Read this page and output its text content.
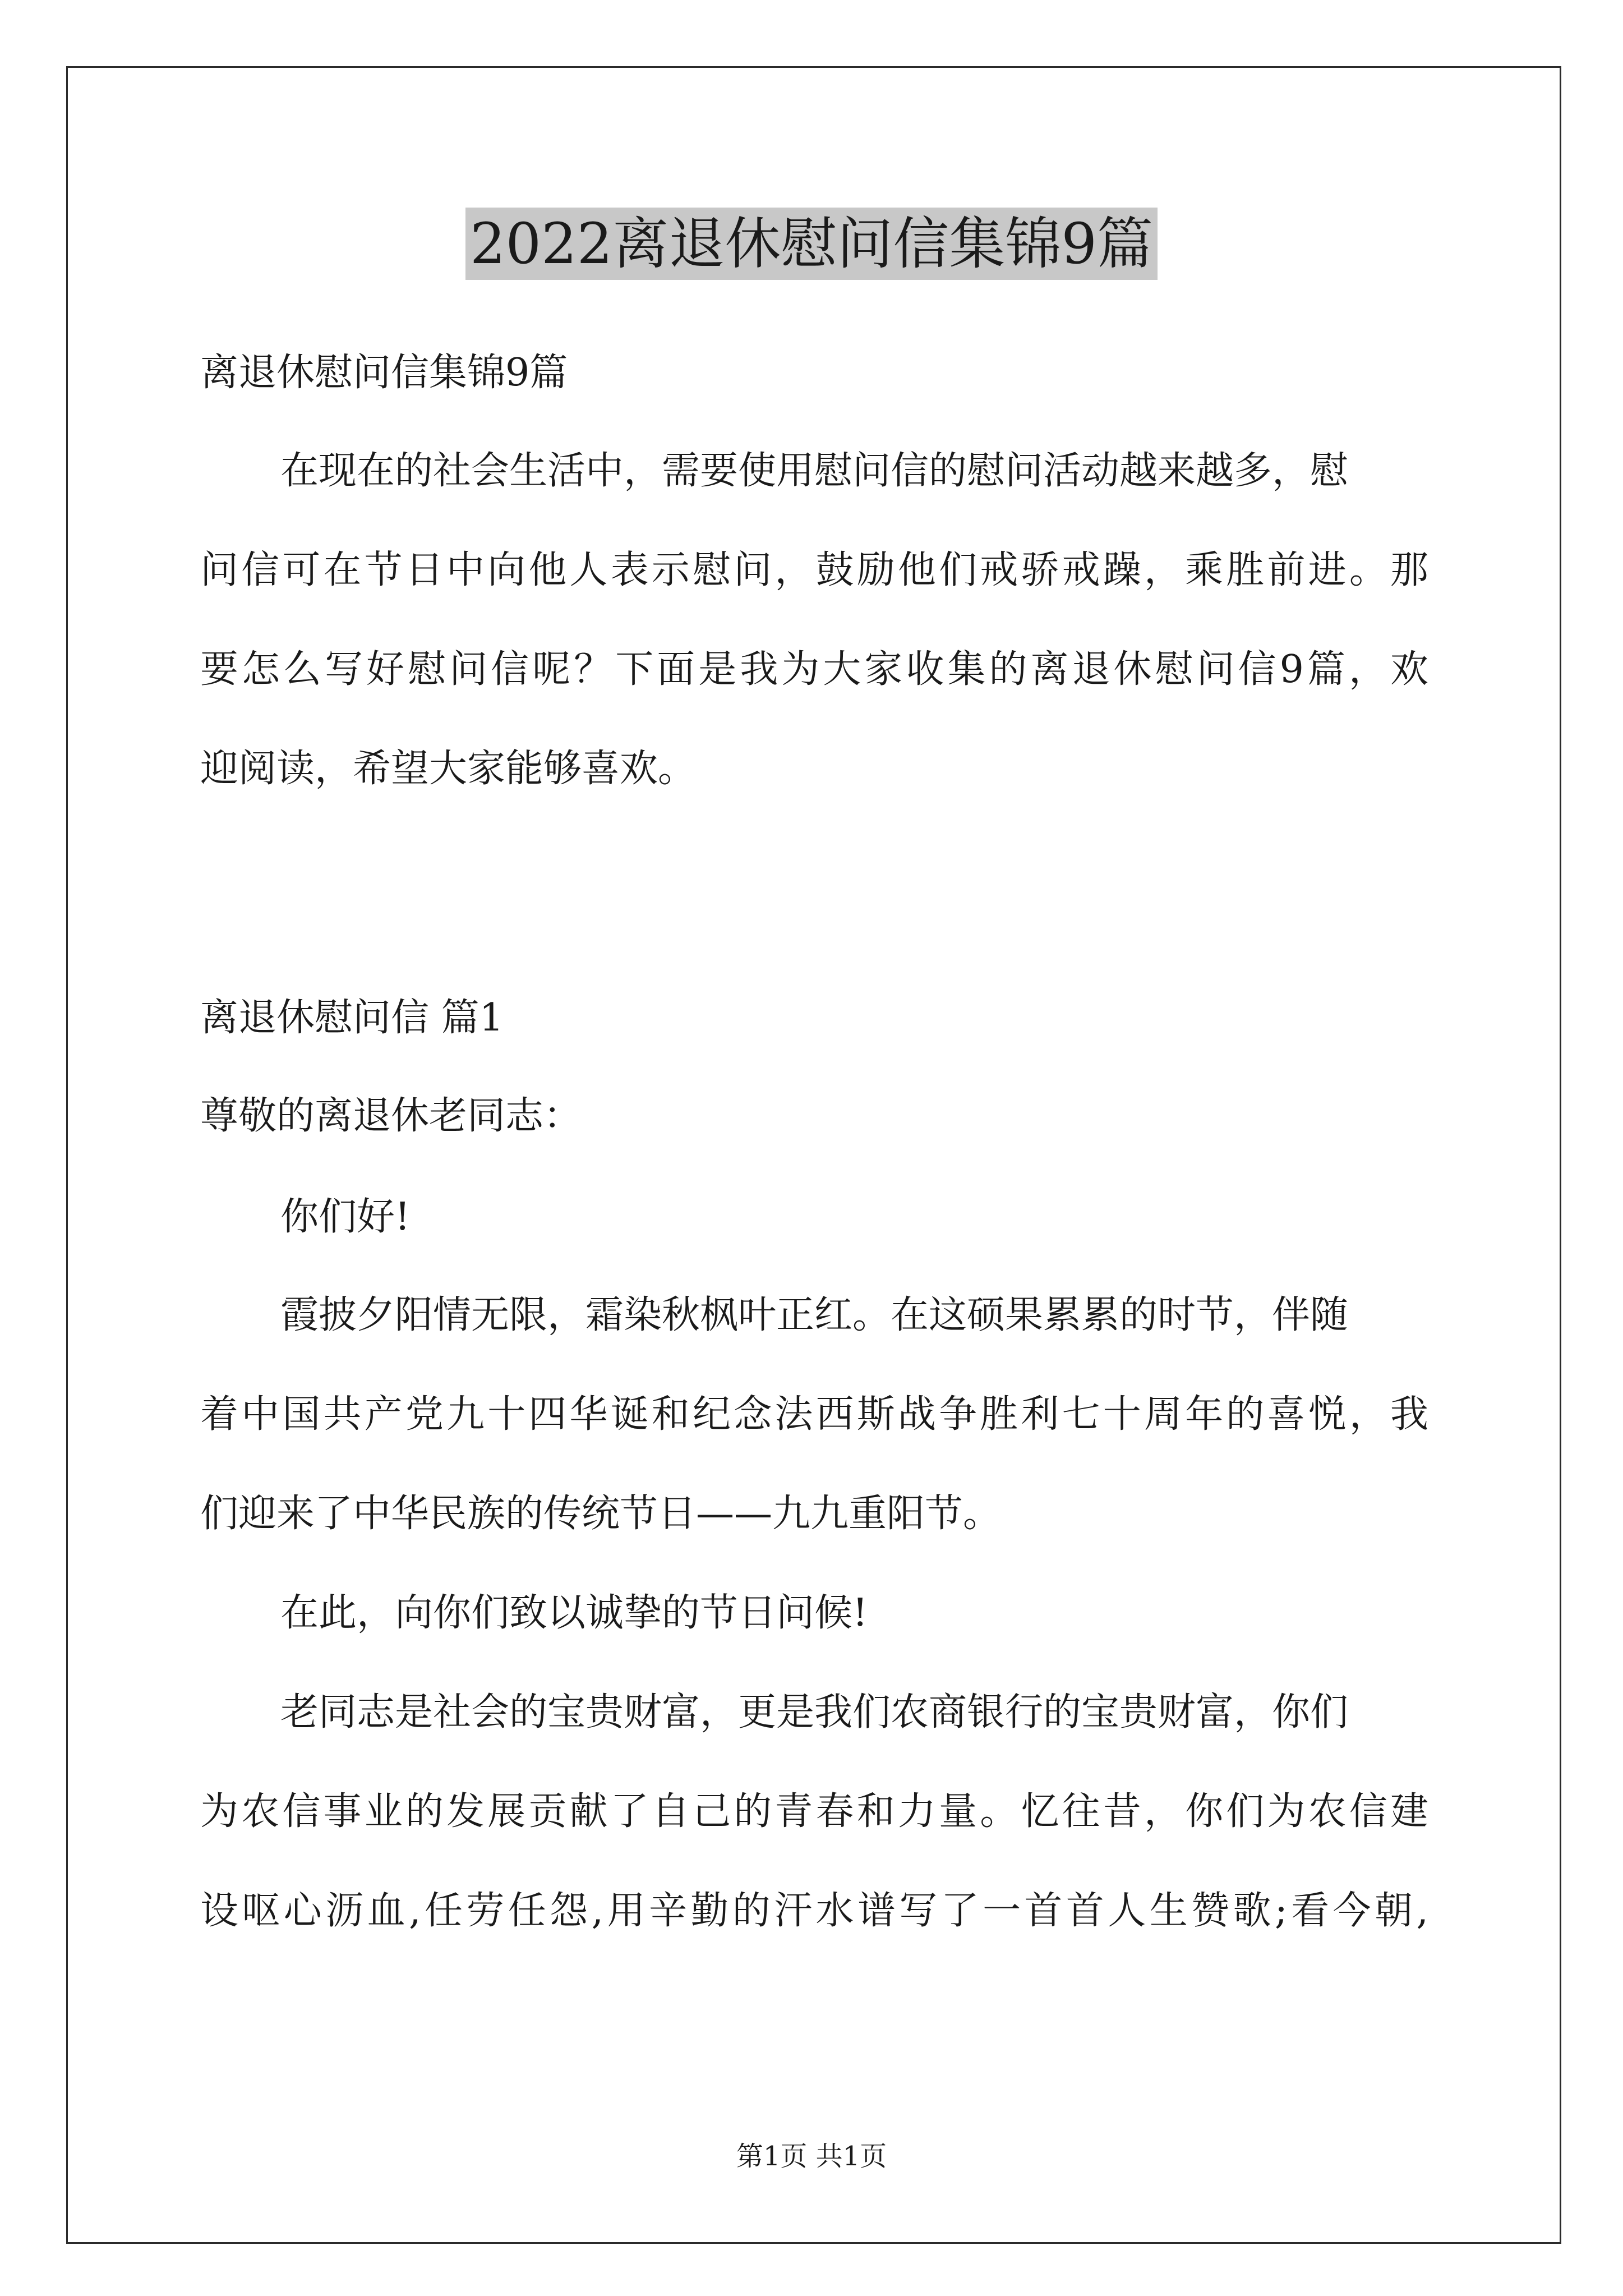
2022离退休慰问信集锦9篇

离退休慰问信集锦9篇

在现在的社会生活中，需要使用慰问信的慰问活动越来越多，慰

问信可在节日中向他人表示慰问，鼓励他们戒骄戒躁，乘胜前进。那

要怎么写好慰问信呢？下面是我为大家收集的离退休慰问信9篇，欢

迎阅读，希望大家能够喜欢。

离退休慰问信 篇1

尊敬的离退休老同志：

你们好!

霞披夕阳情无限，霜染秋枫叶正红。在这硕果累累的时节，伴随

着中国共产党九十四华诞和纪念法西斯战争胜利七十周年的喜悦，我

们迎来了中华民族的传统节日——九九重阳节。

在此，向你们致以诚挚的节日问候!

老同志是社会的宝贵财富，更是我们农商银行的宝贵财富，你们

为农信事业的发展贡献了自己的青春和力量。忆往昔，你们为农信建

设呕心沥血,任劳任怨,用辛勤的汗水谱写了一首首人生赞歌;看今朝,

第1页 共1页
